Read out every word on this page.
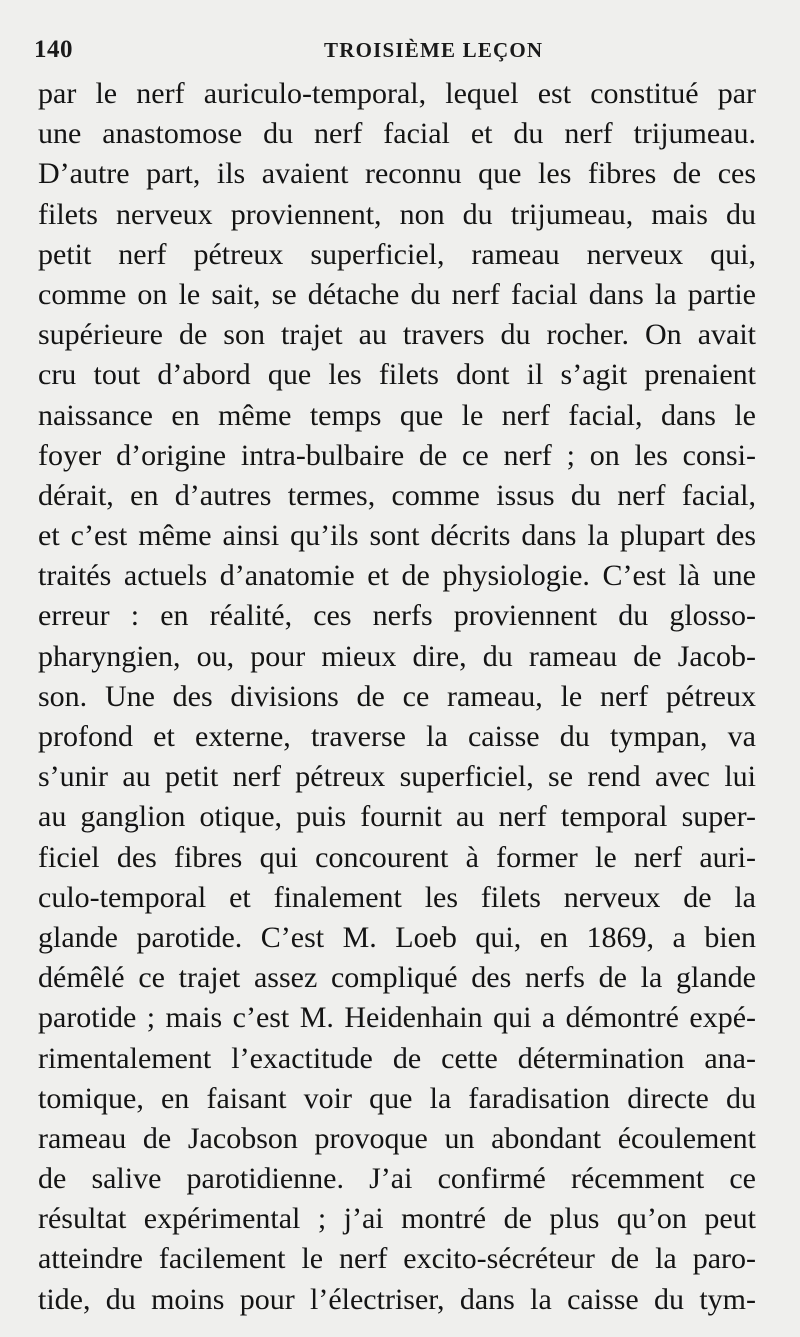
140	TROISIÈME LEÇON
par le nerf auriculo-temporal, lequel est constitué par
une anastomose du nerf facial et du nerf trijumeau.
D’autre part, ils avaient reconnu que les fibres de ces
filets nerveux proviennent, non du trijumeau, mais du
petit nerf pétreux superficiel, rameau nerveux qui,
comme on le sait, se détache du nerf facial dans la partie
supérieure de son trajet au travers du rocher. On avait
cru tout d’abord que les filets dont il s’agit prenaient
naissance en même temps que le nerf facial, dans le
foyer d’origine intra-bulbaire de ce nerf ; on les consi-
dérait, en d’autres termes, comme issus du nerf facial,
et c’est même ainsi qu’ils sont décrits dans la plupart des
traités actuels d’anatomie et de physiologie. C’est là une
erreur : en réalité, ces nerfs proviennent du glosso-
pharyngien, ou, pour mieux dire, du rameau de Jacob-
son. Une des divisions de ce rameau, le nerf pétreux
profond et externe, traverse la caisse du tympan, va
s’unir au petit nerf pétreux superficiel, se rend avec lui
au ganglion otique, puis fournit au nerf temporal super-
ficiel des fibres qui concourent à former le nerf auri-
culo-temporal et finalement les filets nerveux de la
glande parotide. C’est M. Loeb qui, en 1869, a bien
démêlé ce trajet assez compliqué des nerfs de la glande
parotide ; mais c’est M. Heidenhain qui a démontré expé-
rimentalement l’exactitude de cette détermination ana-
tomique, en faisant voir que la faradisation directe du
rameau de Jacobson provoque un abondant écoulement
de salive parotidienne. J’ai confirmé récemment ce
résultat expérimental ; j’ai montré de plus qu’on peut
atteindre facilement le nerf excito-sécréteur de la paro-
tide, du moins pour l’électriser, dans la caisse du tym-
